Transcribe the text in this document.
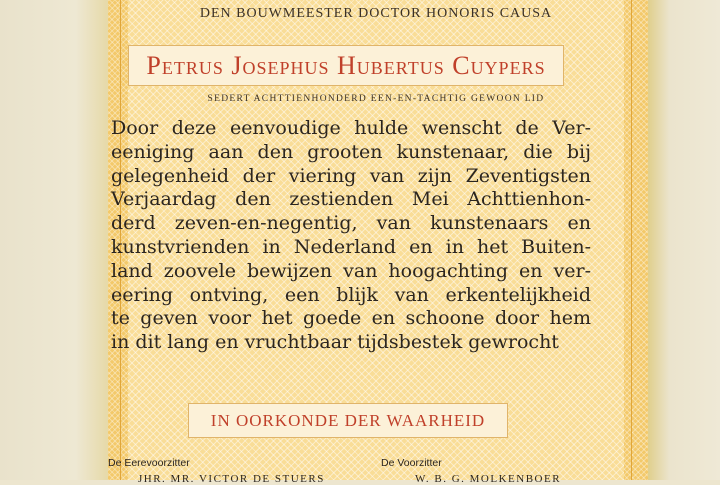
DEN BOUWMEESTER DOCTOR HONORIS CAUSA
Petrus Josephus Hubertus Cuypers
SEDERT ACHTTIENHONDERD EEN-EN-TACHTIG GEWOON LID
Door deze eenvoudige hulde wenscht de Ver-
eeniging aan den grooten kunstenaar, die bij
gelegenheid der viering van zijn Zeventigsten
Verjaardag den zestienden Mei Achttienhon-
derd zeven-en-negentig, van kunstenaars en
kunstvrienden in Nederland en in het Buiten-
land zoovele bewijzen van hoogachting en ver-
eering ontving, een blijk van erkentelijkheid
te geven voor het goede en schoone door hem
in dit lang en vruchtbaar tijdsbestek gewrocht
IN OORKONDE DER WAARHEID
De Eerevoorzitter
JHR. MR. VICTOR DE STUERS
De Voorzitter
W. B. G. MOLKENBOER
